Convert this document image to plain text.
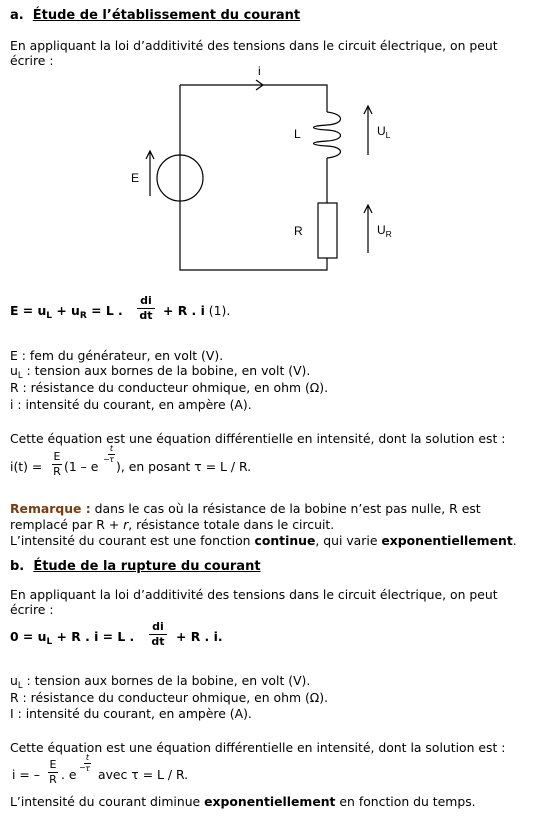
a. Étude de l’établissement du courant
En appliquant la loi d’additivité des tensions dans le circuit électrique, on peut
écrire :
i
E
L
R
$U_L$
$U_R$
$E = u_L + u_R = L$ .
di
dt + R . i (1).
E : fem du générateur, en volt (V).
$u_L$ : tension aux bornes de la bobine, en volt (V).
R : résistance du conducteur ohmique, en ohm (Ω).
i : intensité du courant, en ampère (A).
Cette équation est une équation différentielle en intensité, dont la solution est :
i(t) =
E
R (1 – e −
t
τ ), en posant τ = L / R.
Remarque : dans le cas où la résistance de la bobine n’est pas nulle, R est
remplacé par R + r, résistance totale dans le circuit.
L’intensité du courant est une fonction continue, qui varie exponentiellement.
b. Étude de la rupture du courant
En appliquant la loi d’additivité des tensions dans le circuit électrique, on peut
écrire :
$0 = u_L + R$ . i = L .
di
dt + R . i.
$u_L$ : tension aux bornes de la bobine, en volt (V).
R : résistance du conducteur ohmique, en ohm (Ω).
I : intensité du courant, en ampère (A).
Cette équation est une équation différentielle en intensité, dont la solution est :
i = –
E
R . e −
t
τ avec τ = L / R.
L’intensité du courant diminue exponentiellement en fonction du temps.
